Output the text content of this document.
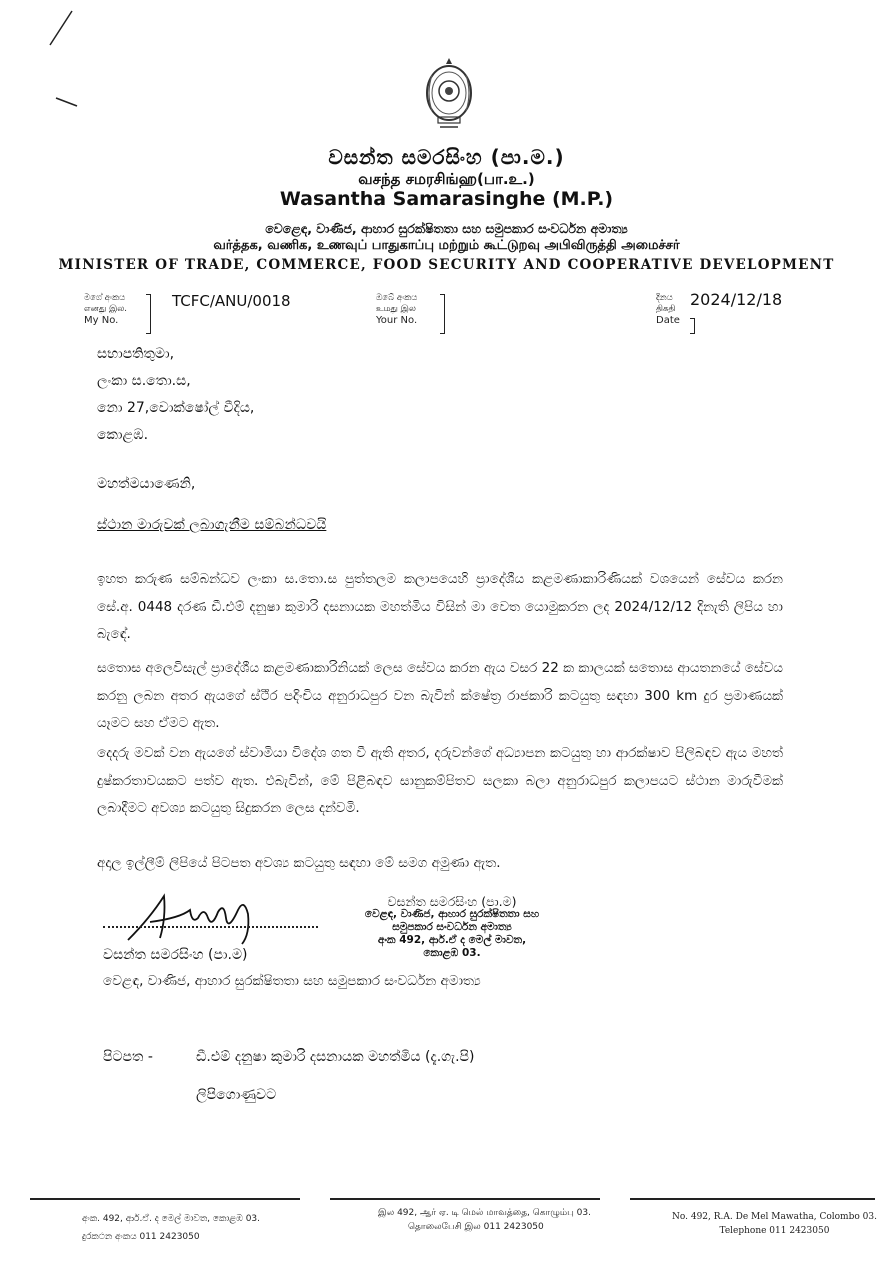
වසන්ත සමරසිංහ (පා.ම.)
வசந்த சமரசிங்ஹ(பா.உ.)
Wasantha Samarasinghe (M.P.)
වෙළෙඳ, වාණිජ, ආහාර සුරක්ෂිතතා සහ සමුපකාර සංවර්ධන අමාත්‍ය
வர்த்தக, வணிக, உணவுப் பாதுகாப்பு மற்றும் கூட்டுறவு அபிவிருத்தி அமைச்சர்
MINISTER OF TRADE, COMMERCE, FOOD SECURITY AND COOPERATIVE DEVELOPMENT
මගේ අංකය
எனது இல.
My No.
TCFC/ANU/0018	ඔබේ අංකය
உமது இல
Your No.
දිනය
திகதி
Date
2024/12/18
සභාපතිතුමා,
ලංකා ස.තො.ස,
නො 27,වොක්ෂෝල් වීදිය,
කොළඹ.
මහත්මයාණෙනි,
ස්ථාන මාරුවක් ලබාගැනීම සම්බන්ධවයි
ඉහත කරුණ සම්බන්ධව ලංකා ස.තො.ස පුත්තලම කලාපයෙහි ප්‍රාදේශීය කළමණාකාරිණියක් වශයෙන් සේවය කරන සේ.අ. 0448 දරණ ඩී.එම් දනුෂා කුමාරි දසනායක මහත්මිය විසින් මා වෙත යොමුකරන ලද 2024/12/12 දිනැති ලිපිය හා බැඳේ.
සතොස අලෙවිසැල් ප්‍රාදේශීය කළමණාකාරිනියක් ලෙස සේවය කරන ඇය වසර 22 ක කාලයක් සතොස ආයතනයේ සේවය කරනු ලබන අතර ඇයගේ ස්ථිර පදිංචිය අනුරාධපුර වන බැවින් ක්ෂේත්‍ර රාජකාරි කටයුතු සඳහා 300 km දුර ප්‍රමාණයක් යෑමට සහ ඒමට ඇත.
දෙදරු මවක් වන ඇයගේ ස්වාමියා විදේශ ගත වී ඇති අතර, දරුවන්ගේ අධ්‍යාපන කටයුතු හා ආරක්ෂාව පිලිබඳව ඇය මහත් දුෂ්කරතාවයකට පත්ව ඇත. එබැවින්, මේ පිළිබඳව සානුකම්පිතව සලකා බලා අනුරාධපුර කලාපයට ස්ථාන මාරුවීමක් ලබාදීමට අවශ්‍ය කටයුතු සිදුකරන ලෙස දන්වමි.
අදාල ඉල්ලීම් ලිපියේ පිටපත අවශ්‍ය කටයුතු සඳහා මේ සමග අමුණා ඇත.
වසන්ත සමරසිංහ (පා.ම)
වෙළඳ, වාණිජ, ආහාර සුරක්ෂිතතා සහ
සමුපකාර සංවර්ධන අමාත්‍ය
අංක 492, ආර්.ඒ ද මෙල් මාවත,
කොළඹ 03.
වසන්ත සමරසිංහ (පා.ම)
වෙළඳ, වාණිජ, ආහාර සුරක්ෂිතතා සහ සමුපකාර සංවර්ධන අමාත්‍ය
පිටපත -	ඩී.එම් දනුෂා කුමාරි දසනායක මහත්මිය (දැ.ගැ.පි)
ලිපිගොණුවට
අංක. 492, ආර්.ඒ. ද මෙල් මාවත, කොළඹ 03.
දුරකථන අංකය 011 2423050
இல 492, ஆர் ஏ. டி மெல் மாவத்தை, கொழும்பு 03.
தொலைபேசி இல 011 2423050
No. 492, R.A. De Mel Mawatha, Colombo 03.
Telephone 011 2423050
